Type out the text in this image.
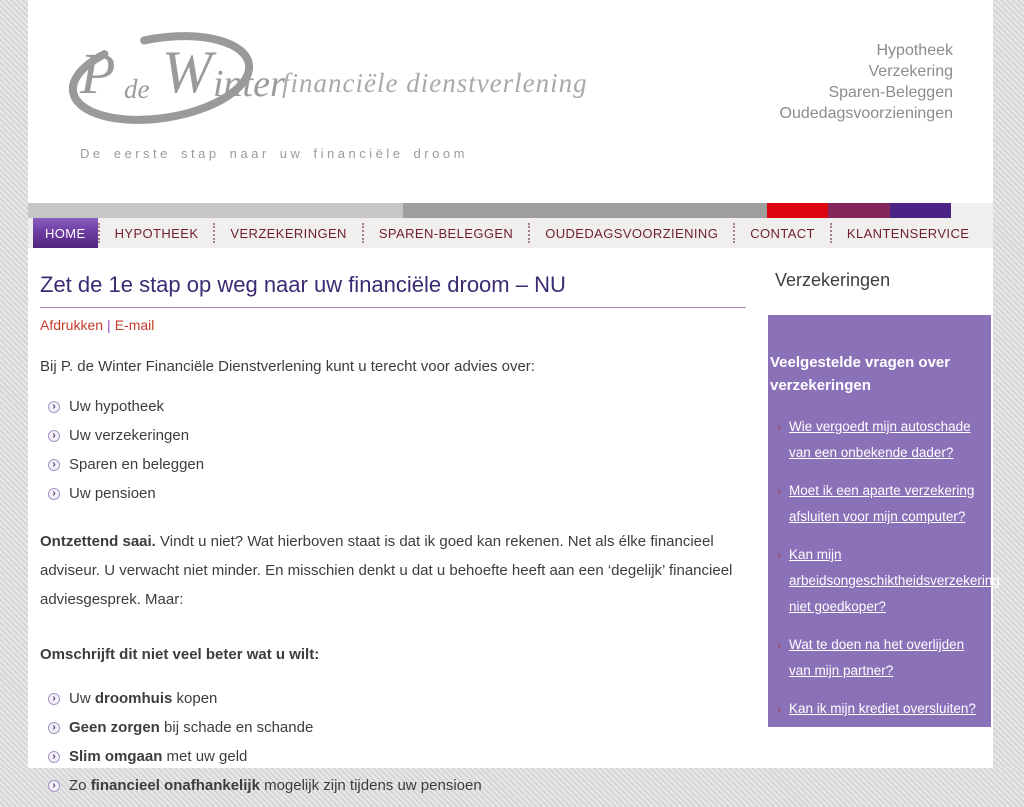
P de W inter
financiële dienstverlening
Hypotheek
Verzekering
Sparen-Beleggen
Oudedagsvoorzieningen
De eerste stap naar uw financiële droom
HOME	HYPOTHEEK	VERZEKERINGEN	SPAREN-BELEGGEN	OUDEDAGSVOORZIENING	CONTACT	KLANTENSERVICE
Zet de 1e stap op weg naar uw financiële droom – NU
Afdrukken | E-mail

Bij P. de Winter Financiële Dienstverlening kunt u terecht voor advies over:

› Uw hypotheek
› Uw verzekeringen
› Sparen en beleggen
› Uw pensioen

Ontzettend saai. Vindt u niet? Wat hierboven staat is dat ik goed kan rekenen. Net als élke financieel adviseur. U verwacht niet minder. En misschien denkt u dat u behoefte heeft aan een ‘degelijk’ financieel adviesgesprek. Maar:

Omschrijft dit niet veel beter wat u wilt:

› Uw droomhuis kopen
› Geen zorgen bij schade en schande
› Slim omgaan met uw geld
› Zo financieel onafhankelijk mogelijk zijn tijdens uw pensioen
Verzekeringen

Veelgestelde vragen over verzekeringen

› Wie vergoedt mijn autoschade van een onbekende dader?
› Moet ik een aparte verzekering afsluiten voor mijn computer?
› Kan mijn arbeidsongeschiktheidsverzekering niet goedkoper?
› Wat te doen na het overlijden van mijn partner?
› Kan ik mijn krediet oversluiten?
